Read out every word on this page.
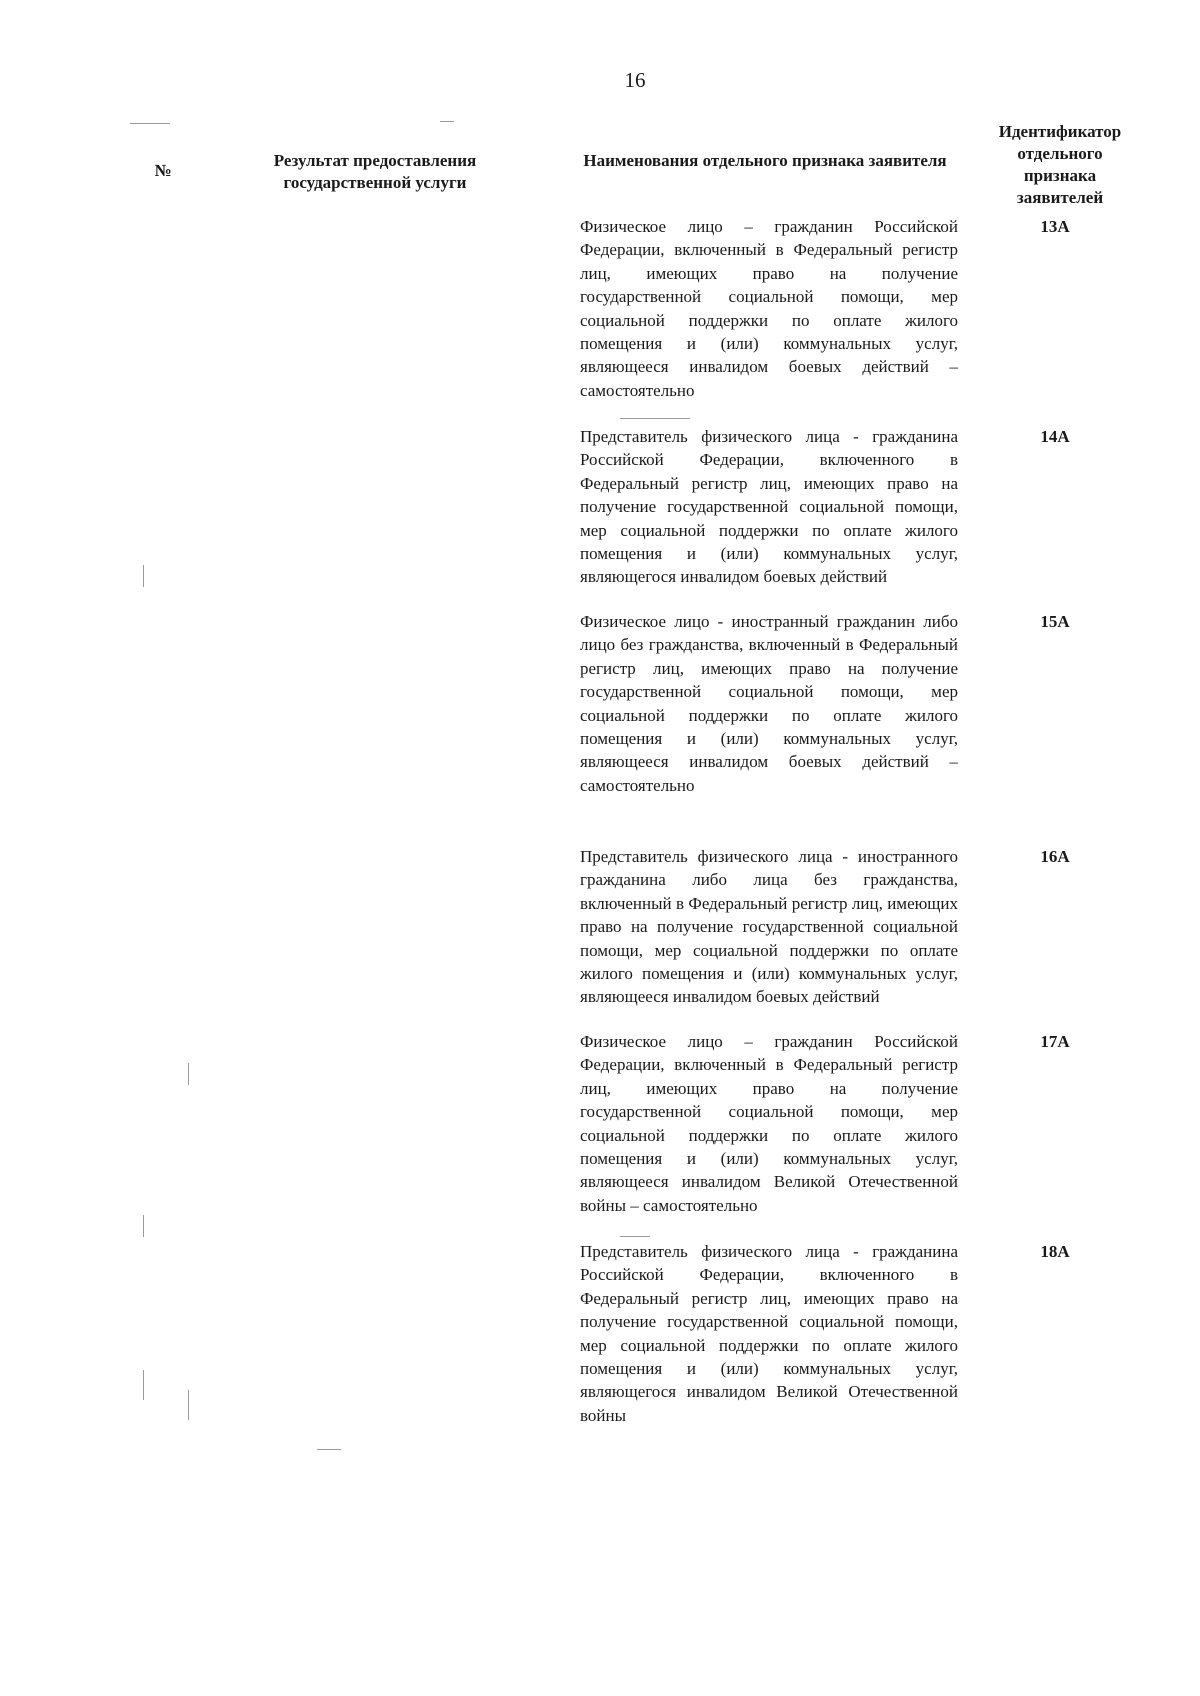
16
№
Результат предоставления государственной услуги
Наименования отдельного признака заявителя
Идентификатор отдельного признака заявителей
Физическое лицо – гражданин Российской Федерации, включенный в Федеральный регистр лиц, имеющих право на получение государственной социальной помощи, мер социальной поддержки по оплате жилого помещения и (или) коммунальных услуг, являющееся инвалидом боевых действий – самостоятельно
13А
Представитель физического лица - гражданина Российской Федерации, включенного в Федеральный регистр лиц, имеющих право на получение государственной социальной помощи, мер социальной поддержки по оплате жилого помещения и (или) коммунальных услуг, являющегося инвалидом боевых действий
14А
Физическое лицо - иностранный гражданин либо лицо без гражданства, включенный в Федеральный регистр лиц, имеющих право на получение государственной социальной помощи, мер социальной поддержки по оплате жилого помещения и (или) коммунальных услуг, являющееся инвалидом боевых действий – самостоятельно
15А
Представитель физического лица - иностранного гражданина либо лица без гражданства, включенный в Федеральный регистр лиц, имеющих право на получение государственной социальной помощи, мер социальной поддержки по оплате жилого помещения и (или) коммунальных услуг, являющееся инвалидом боевых действий
16А
Физическое лицо – гражданин Российской Федерации, включенный в Федеральный регистр лиц, имеющих право на получение государственной социальной помощи, мер социальной поддержки по оплате жилого помещения и (или) коммунальных услуг, являющееся инвалидом Великой Отечественной войны – самостоятельно
17А
Представитель физического лица - гражданина Российской Федерации, включенного в Федеральный регистр лиц, имеющих право на получение государственной социальной помощи, мер социальной поддержки по оплате жилого помещения и (или) коммунальных услуг, являющегося инвалидом Великой Отечественной войны
18А
